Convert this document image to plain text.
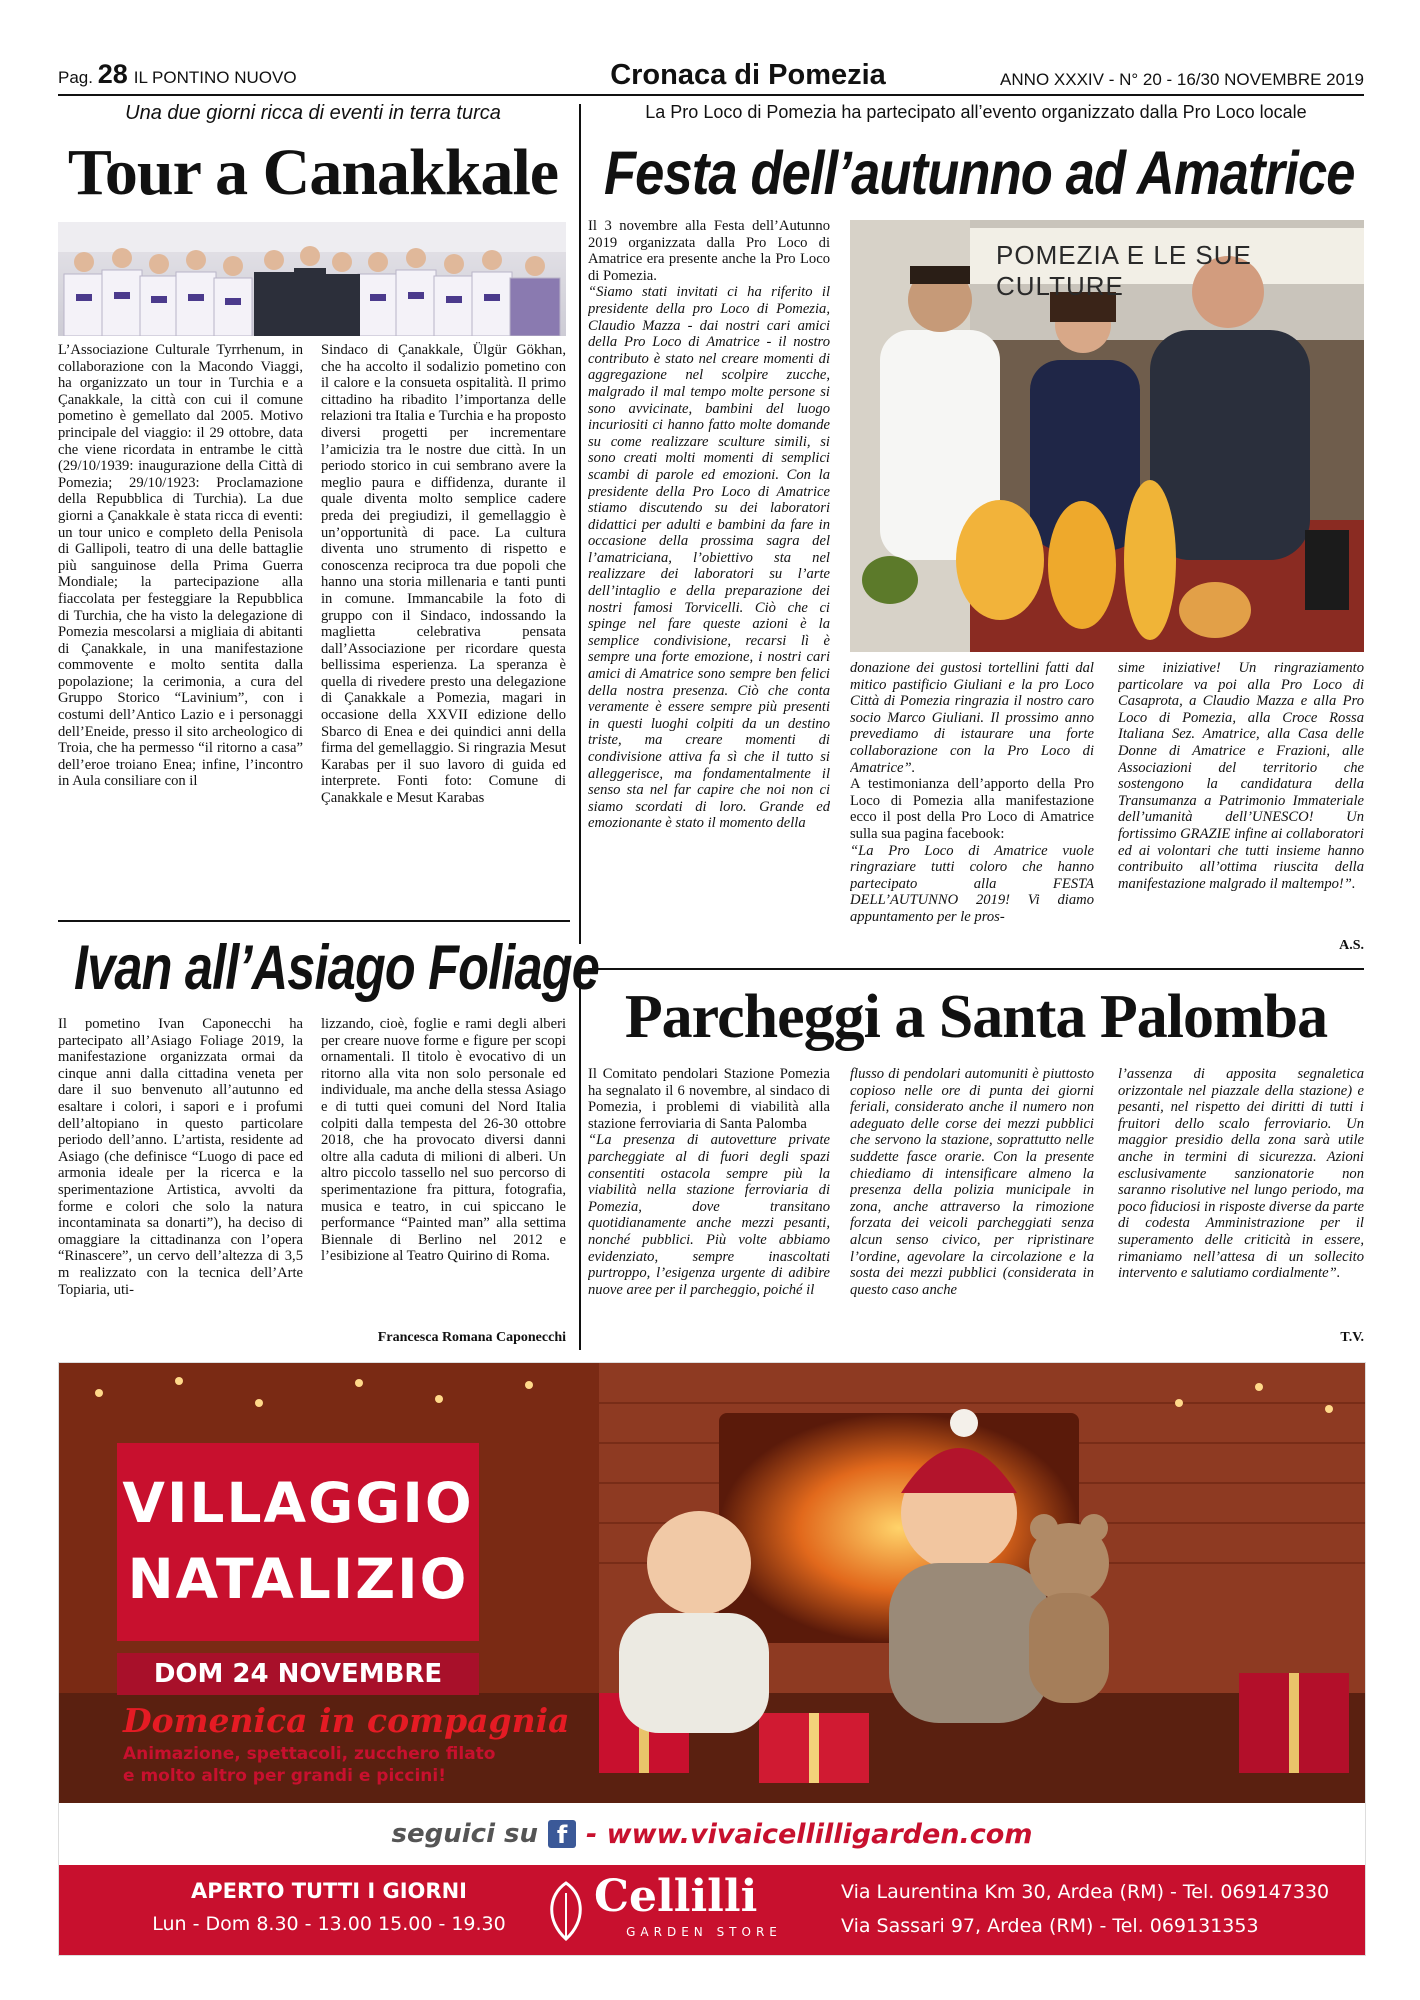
Pag. 28 IL PONTINO NUOVO	Cronaca di Pomezia	ANNO XXXIV - N° 20 - 16/30 NOVEMBRE 2019
Una due giorni ricca di eventi in terra turca
Tour a Canakkale
L’Associazione Culturale Tyrrhenum, in collaborazione con la Macondo Viaggi, ha organizzato un tour in Turchia e a Çanakkale, la città con cui il comune pometino è gemellato dal 2005. Motivo principale del viaggio: il 29 ottobre, data che viene ricordata in entrambe le città (29/10/1939: inaugurazione della Città di Pomezia; 29/10/1923: Proclamazione della Repubblica di Turchia). La due giorni a Çanakkale è stata ricca di eventi: un tour unico e completo della Penisola di Gallipoli, teatro di una delle battaglie più sanguinose della Prima Guerra Mondiale; la partecipazione alla fiaccolata per festeggiare la Repubblica di Turchia, che ha visto la delegazione di Pomezia mescolarsi a migliaia di abitanti di Çanakkale, in una manifestazione commovente e molto sentita dalla popolazione; la cerimonia, a cura del Gruppo Storico “Lavinium”, con i costumi dell’Antico Lazio e i personaggi dell’Eneide, presso il sito archeologico di Troia, che ha permesso “il ritorno a casa” dell’eroe troiano Enea; infine, l’incontro in Aula consiliare con il
Sindaco di Çanakkale, Ülgür Gökhan, che ha accolto il sodalizio pometino con il calore e la consueta ospitalità. Il primo cittadino ha ribadito l’importanza delle relazioni tra Italia e Turchia e ha proposto diversi progetti per incrementare l’amicizia tra le nostre due città. In un periodo storico in cui sembrano avere la meglio paura e diffidenza, durante il quale diventa molto semplice cadere preda dei pregiudizi, il gemellaggio è un’opportunità di pace. La cultura diventa uno strumento di rispetto e conoscenza reciproca tra due popoli che hanno una storia millenaria e tanti punti in comune. Immancabile la foto di gruppo con il Sindaco, indossando la maglietta celebrativa pensata dall’Associazione per ricordare questa bellissima esperienza. La speranza è quella di rivedere presto una delegazione di Çanakkale a Pomezia, magari in occasione della XXVII edizione dello Sbarco di Enea e dei quindici anni della firma del gemellaggio. Si ringrazia Mesut Karabas per il suo lavoro di guida ed interprete. Fonti foto: Comune di Çanakkale e Mesut Karabas
La Pro Loco di Pomezia ha partecipato all’evento organizzato dalla Pro Loco locale
Festa dell’autunno ad Amatrice

Il 3 novembre alla Festa dell’Autunno 2019 organizzata dalla Pro Loco di Amatrice era presente anche la Pro Loco di Pomezia.

“Siamo stati invitati ci ha riferito il presidente della pro Loco di Pomezia, Claudio Mazza - dai nostri cari amici della Pro Loco di Amatrice - il nostro contributo è stato nel creare momenti di aggregazione nel scolpire zucche, malgrado il mal tempo molte persone si sono avvicinate, bambini del luogo incuriositi ci hanno fatto molte domande su come realizzare sculture simili, si sono creati molti momenti di semplici scambi di parole ed emozioni. Con la presidente della Pro Loco di Amatrice stiamo discutendo su dei laboratori didattici per adulti e bambini da fare in occasione della prossima sagra del l’amatriciana, l’obiettivo sta nel realizzare dei laboratori su l’arte dell’intaglio e della preparazione dei nostri famosi Torvicelli. Ciò che ci spinge nel fare queste azioni è la semplice condivisione, recarsi lì è sempre una forte emozione, i nostri cari amici di Amatrice sono sempre ben felici della nostra presenza. Ciò che conta veramente è essere sempre più presenti in questi luoghi colpiti da un destino triste, ma creare momenti di condivisione attiva fa sì che il tutto si alleggerisce, ma fondamentalmente il senso sta nel far capire che noi non ci siamo scordati di loro. Grande ed emozionante è stato il momento della

POMEZIA E LE SUE CULTURE

donazione dei gustosi tortellini fatti dal mitico pastificio Giuliani e la pro Loco Città di Pomezia ringrazia il nostro caro socio Marco Giuliani. Il prossimo anno prevediamo di istaurare una forte collaborazione con la Pro Loco di Amatrice”.

A testimonianza dell’apporto della Pro Loco di Pomezia alla manifestazione ecco il post della Pro Loco di Amatrice sulla sua pagina facebook:

“La Pro Loco di Amatrice vuole ringraziare tutti coloro che hanno partecipato alla FESTA DELL’AUTUNNO 2019! Vi diamo appuntamento per le pros-

sime iniziative! Un ringraziamento particolare va poi alla Pro Loco di Casaprota, a Claudio Mazza e alla Pro Loco di Pomezia, alla Croce Rossa Italiana Sez. Amatrice, alla Casa delle Donne di Amatrice e Frazioni, alle Associazioni del territorio che sostengono la candidatura della Transumanza a Patrimonio Immateriale dell’umanità dell’UNESCO! Un fortissimo GRAZIE infine ai collaboratori ed ai volontari che tutti insieme hanno contribuito all’ottima riuscita della manifestazione malgrado il maltempo!”.
A.S.
Ivan all’Asiago Foliage
Il pometino Ivan Caponecchi ha partecipato all’Asiago Foliage 2019, la manifestazione organizzata ormai da cinque anni dalla cittadina veneta per dare il suo benvenuto all’autunno ed esaltare i colori, i sapori e i profumi dell’altopiano in questo particolare periodo dell’anno. L’artista, residente ad Asiago (che definisce “Luogo di pace ed armonia ideale per la ricerca e la sperimentazione Artistica, avvolti da forme e colori che solo la natura incontaminata sa donarti”), ha deciso di omaggiare la cittadinanza con l’opera “Rinascere”, un cervo dell’altezza di 3,5 m realizzato con la tecnica dell’Arte Topiaria, uti-
lizzando, cioè, foglie e rami degli alberi per creare nuove forme e figure per scopi ornamentali. Il titolo è evocativo di un ritorno alla vita non solo personale ed individuale, ma anche della stessa Asiago e di tutti quei comuni del Nord Italia colpiti dalla tempesta del 26-30 ottobre 2018, che ha provocato diversi danni oltre alla caduta di milioni di alberi. Un altro piccolo tassello nel suo percorso di sperimentazione fra pittura, fotografia, musica e teatro, in cui spiccano le performance “Painted man” alla settima Biennale di Berlino nel 2012 e l’esibizione al Teatro Quirino di Roma.
Francesca Romana Caponecchi
Parcheggi a Santa Palomba

Il Comitato pendolari Stazione Pomezia ha segnalato il 6 novembre, al sindaco di Pomezia, i problemi di viabilità alla stazione ferroviaria di Santa Palomba

“La presenza di autovetture private parcheggiate al di fuori degli spazi consentiti ostacola sempre più la viabilità nella stazione ferroviaria di Pomezia, dove transitano quotidianamente anche mezzi pesanti, nonché pubblici. Più volte abbiamo evidenziato, sempre inascoltati purtroppo, l’esigenza urgente di adibire nuove aree per il parcheggio, poiché il

flusso di pendolari automuniti è piuttosto copioso nelle ore di punta dei giorni feriali, considerato anche il numero non adeguato delle corse dei mezzi pubblici che servono la stazione, soprattutto nelle suddette fasce orarie. Con la presente chiediamo di intensificare almeno la presenza della polizia municipale in zona, anche attraverso la rimozione forzata dei veicoli parcheggiati senza alcun senso civico, per ripristinare l’ordine, agevolare la circolazione e la sosta dei mezzi pubblici (considerata in questo caso anche
l’assenza di apposita segnaletica orizzontale nel piazzale della stazione) e pesanti, nel rispetto dei diritti di tutti i fruitori dello scalo ferroviario. Un maggior presidio della zona sarà utile anche in termini di sicurezza. Azioni esclusivamente sanzionatorie non saranno risolutive nel lungo periodo, ma poco fiduciosi in risposte diverse da parte di codesta Amministrazione per il superamento delle criticità in essere, rimaniamo nell’attesa di un sollecito intervento e salutiamo cordialmente”.
T.V.
VILLAGGIO
NATALIZIO
DOM 24 NOVEMBRE
Domenica in compagnia
Animazione, spettacoli, zucchero filato
e molto altro per grandi e piccini!
seguici su f - www.vivaicellilligarden.com
APERTO TUTTI I GIORNI
Lun - Dom 8.30 - 13.00 15.00 - 19.30
Cellilli
GARDEN STORE
Via Laurentina Km 30, Ardea (RM) - Tel. 069147330
Via Sassari 97, Ardea (RM) - Tel. 069131353
